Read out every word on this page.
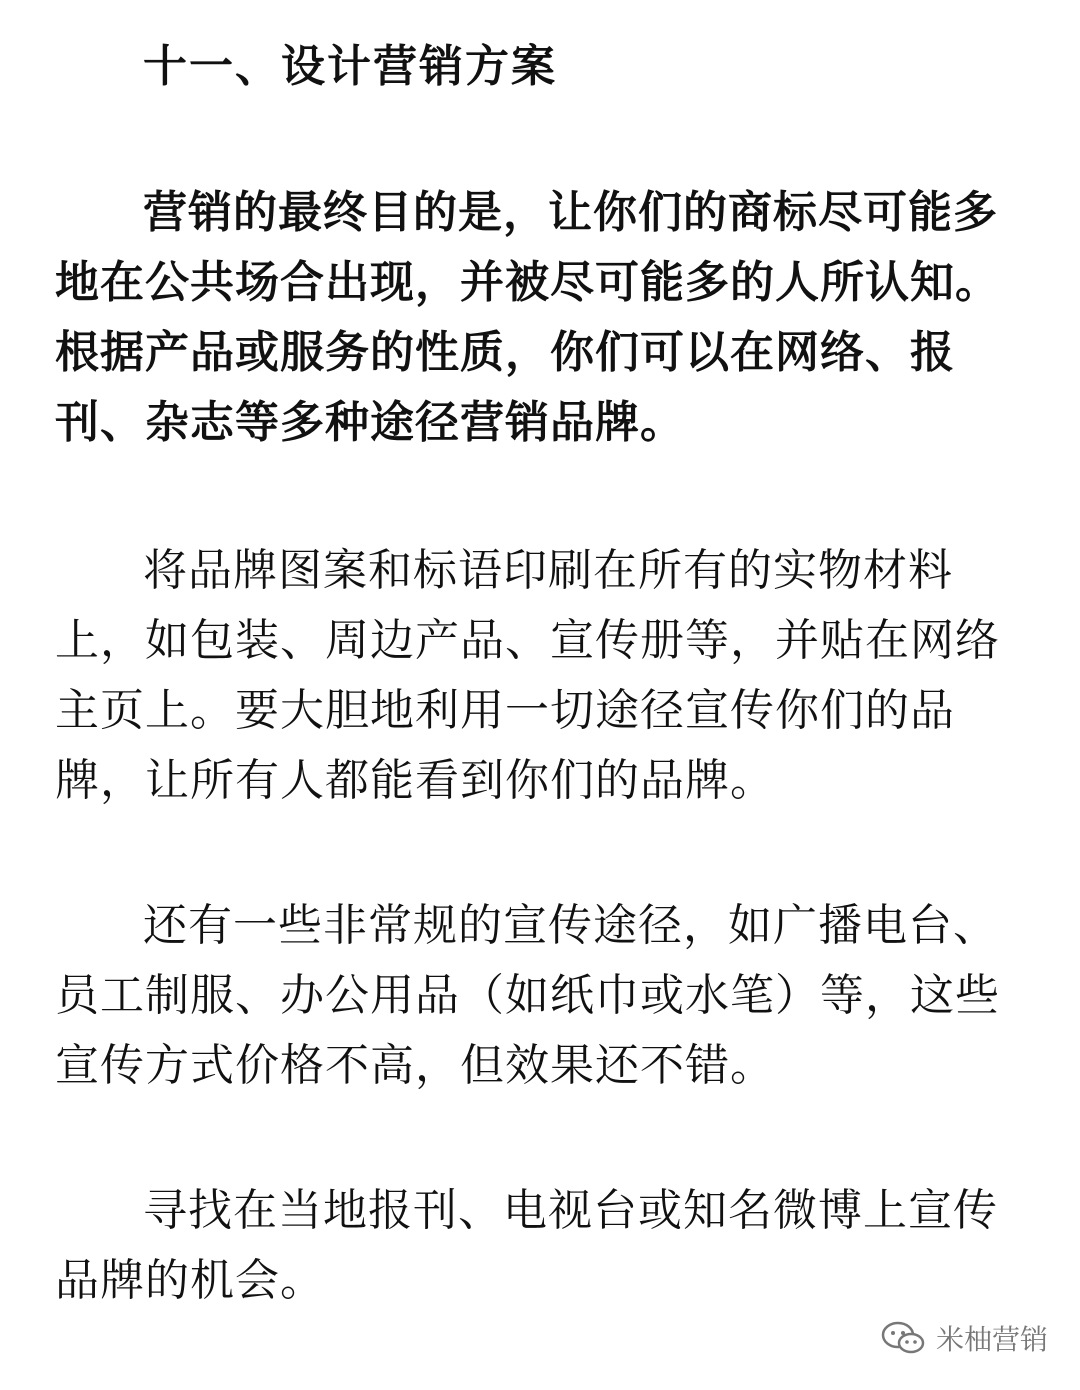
十一、设计营销方案
营销的最终目的是，让你们的商标尽可能多
地在公共场合出现，并被尽可能多的人所认知。
根据产品或服务的性质，你们可以在网络、报
刊、杂志等多种途径营销品牌。
将品牌图案和标语印刷在所有的实物材料
上，如包装、周边产品、宣传册等，并贴在网络
主页上。要大胆地利用一切途径宣传你们的品
牌，让所有人都能看到你们的品牌。
还有一些非常规的宣传途径，如广播电台、
员工制服、办公用品（如纸巾或水笔）等，这些
宣传方式价格不高，但效果还不错。
寻找在当地报刊、电视台或知名微博上宣传
品牌的机会。
米柚营销
